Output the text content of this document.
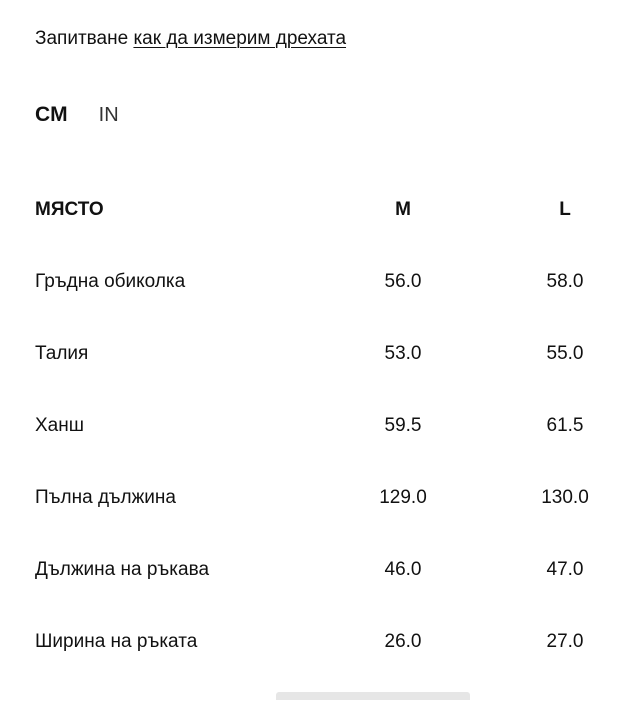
Запитване как да измерим дрехата
CM IN
МЯСТО	M	L
Гръдна обиколка	56.0	58.0
Талия	53.0	55.0
Ханш	59.5	61.5
Пълна дължина	129.0	130.0
Дължина на ръкава	46.0	47.0
Ширина на ръката	26.0	27.0
